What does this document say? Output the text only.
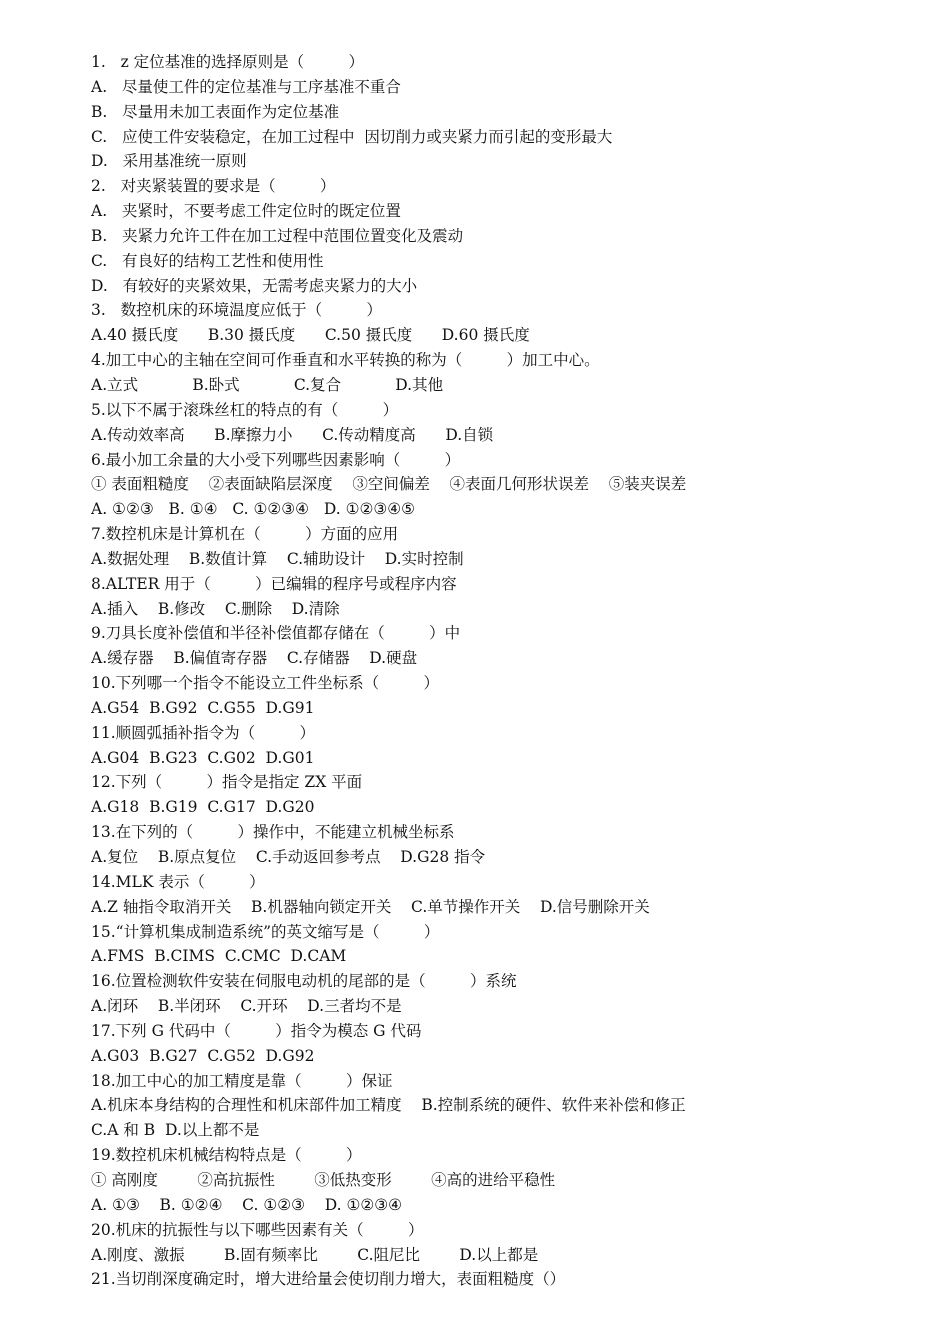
1.   z 定位基准的选择原则是（         ）
A.   尽量使工件的定位基准与工序基准不重合
B.   尽量用未加工表面作为定位基准
C.   应使工件安装稳定，在加工过程中  因切削力或夹紧力而引起的变形最大
D.   采用基准统一原则
2.   对夹紧装置的要求是（         ）
A.   夹紧时，不要考虑工件定位时的既定位置
B.   夹紧力允许工件在加工过程中范围位置变化及震动
C.   有良好的结构工艺性和使用性
D.   有较好的夹紧效果，无需考虑夹紧力的大小
3.   数控机床的环境温度应低于（         ）
A.40 摄氏度      B.30 摄氏度      C.50 摄氏度      D.60 摄氏度
4.加工中心的主轴在空间可作垂直和水平转换的称为（         ）加工中心。
A.立式           B.卧式           C.复合           D.其他
5.以下不属于滚珠丝杠的特点的有（         ）
A.传动效率高      B.摩擦力小      C.传动精度高      D.自锁
6.最小加工余量的大小受下列哪些因素影响（         ）
① 表面粗糙度    ②表面缺陷层深度    ③空间偏差    ④表面几何形状误差    ⑤装夹误差
A. ①②③   B. ①④   C. ①②③④   D. ①②③④⑤
7.数控机床是计算机在（         ）方面的应用
A.数据处理    B.数值计算    C.辅助设计    D.实时控制
8.ALTER 用于（         ）已编辑的程序号或程序内容
A.插入    B.修改    C.删除    D.清除
9.刀具长度补偿值和半径补偿值都存储在（         ）中
A.缓存器    B.偏值寄存器    C.存储器    D.硬盘
10.下列哪一个指令不能设立工件坐标系（         ）
A.G54  B.G92  C.G55  D.G91
11.顺圆弧插补指令为（         ）
A.G04  B.G23  C.G02  D.G01
12.下列（         ）指令是指定 ZX 平面
A.G18  B.G19  C.G17  D.G20
13.在下列的（         ）操作中，不能建立机械坐标系
A.复位    B.原点复位    C.手动返回参考点    D.G28 指令
14.MLK 表示（         ）
A.Z 轴指令取消开关    B.机器轴向锁定开关    C.单节操作开关    D.信号删除开关
15.“计算机集成制造系统”的英文缩写是（         ）
A.FMS  B.CIMS  C.CMC  D.CAM
16.位置检测软件安装在伺服电动机的尾部的是（         ）系统
A.闭环    B.半闭环    C.开环    D.三者均不是
17.下列 G 代码中（         ）指令为模态 G 代码
A.G03  B.G27  C.G52  D.G92
18.加工中心的加工精度是靠（         ）保证
A.机床本身结构的合理性和机床部件加工精度    B.控制系统的硬件、软件来补偿和修正
C.A 和 B  D.以上都不是
19.数控机床机械结构特点是（         ）
① 高刚度        ②高抗振性        ③低热变形        ④高的进给平稳性
A. ①③    B. ①②④    C. ①②③    D. ①②③④
20.机床的抗振性与以下哪些因素有关（         ）
A.刚度、激振        B.固有频率比        C.阻尼比        D.以上都是
21.当切削深度确定时，增大进给量会使切削力增大，表面粗糙度（）
